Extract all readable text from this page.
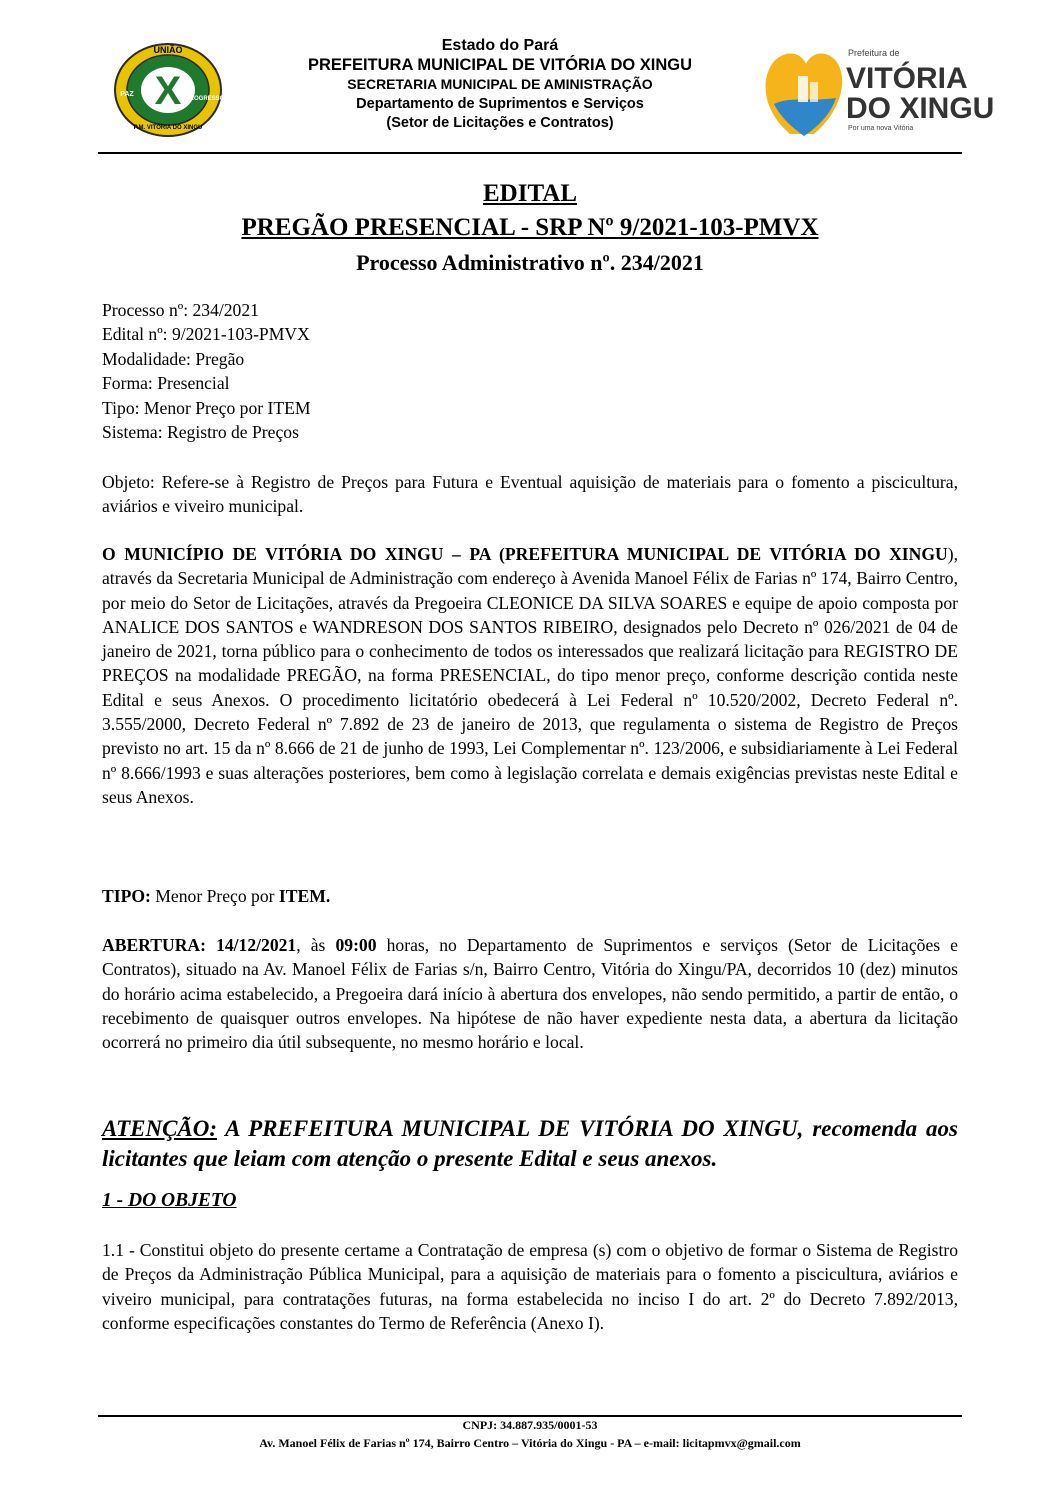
X
UNIÃO
PAZ
PROGRESSO
P.M. VITÓRIA DO XINGU
Estado do Pará
PREFEITURA MUNICIPAL DE VITÓRIA DO XINGU
SECRETARIA MUNICIPAL DE AMINISTRAÇÃO
Departamento de Suprimentos e Serviços
(Setor de Licitações e Contratos)
Prefeitura de
VITÓRIA
DO XINGU
Por uma nova Vitória
EDITAL
PREGÃO PRESENCIAL - SRP Nº 9/2021-103-PMVX
Processo Administrativo nº. 234/2021
Processo nº: 234/2021
Edital nº: 9/2021-103-PMVX
Modalidade: Pregão
Forma: Presencial
Tipo: Menor Preço por ITEM
Sistema: Registro de Preços
Objeto: Refere-se à Registro de Preços para Futura e Eventual aquisição de materiais para o fomento a piscicultura, aviários e viveiro municipal.
O MUNICÍPIO DE VITÓRIA DO XINGU – PA (PREFEITURA MUNICIPAL DE VITÓRIA DO XINGU), através da Secretaria Municipal de Administração com endereço à Avenida Manoel Félix de Farias nº 174, Bairro Centro, por meio do Setor de Licitações, através da Pregoeira CLEONICE DA SILVA SOARES e equipe de apoio composta por ANALICE DOS SANTOS e WANDRESON DOS SANTOS RIBEIRO, designados pelo Decreto nº 026/2021 de 04 de janeiro de 2021, torna público para o conhecimento de todos os interessados que realizará licitação para REGISTRO DE PREÇOS na modalidade PREGÃO, na forma PRESENCIAL, do tipo menor preço, conforme descrição contida neste Edital e seus Anexos. O procedimento licitatório obedecerá à Lei Federal nº 10.520/2002, Decreto Federal nº. 3.555/2000, Decreto Federal nº 7.892 de 23 de janeiro de 2013, que regulamenta o sistema de Registro de Preços previsto no art. 15 da nº 8.666 de 21 de junho de 1993, Lei Complementar nº. 123/2006, e subsidiariamente à Lei Federal nº 8.666/1993 e suas alterações posteriores, bem como à legislação correlata e demais exigências previstas neste Edital e seus Anexos.
TIPO: Menor Preço por ITEM.
ABERTURA: 14/12/2021, às 09:00 horas, no Departamento de Suprimentos e serviços (Setor de Licitações e Contratos), situado na Av. Manoel Félix de Farias s/n, Bairro Centro, Vitória do Xingu/PA, decorridos 10 (dez) minutos do horário acima estabelecido, a Pregoeira dará início à abertura dos envelopes, não sendo permitido, a partir de então, o recebimento de quaisquer outros envelopes. Na hipótese de não haver expediente nesta data, a abertura da licitação ocorrerá no primeiro dia útil subsequente, no mesmo horário e local.
ATENÇÃO: A PREFEITURA MUNICIPAL DE VITÓRIA DO XINGU, recomenda aos licitantes que leiam com atenção o presente Edital e seus anexos.
1 - DO OBJETO
1.1 - Constitui objeto do presente certame a Contratação de empresa (s) com o objetivo de formar o Sistema de Registro de Preços da Administração Pública Municipal, para a aquisição de materiais para o fomento a piscicultura, aviários e viveiro municipal, para contratações futuras, na forma estabelecida no inciso I do art. 2º do Decreto 7.892/2013, conforme especificações constantes do Termo de Referência (Anexo I).
CNPJ: 34.887.935/0001-53
Av. Manoel Félix de Farias nº 174, Bairro Centro – Vitória do Xingu - PA – e-mail: licitapmvx@gmail.com
